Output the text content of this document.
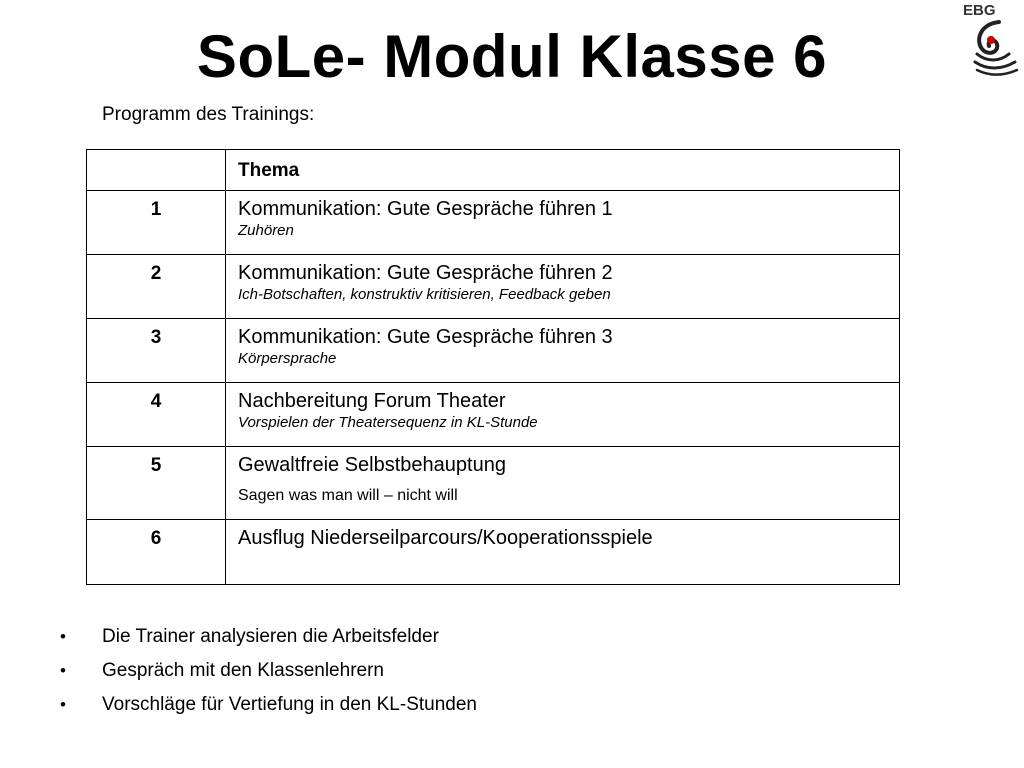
SoLe- Modul Klasse 6
EBG
Programm des Trainings:
	Thema
1	Kommunikation: Gute Gespräche führen 1
Zuhören

2	Kommunikation: Gute Gespräche führen 2
Ich-Botschaften, konstruktiv kritisieren, Feedback geben

3	Kommunikation: Gute Gespräche führen 3
Körpersprache

4	Nachbereitung Forum Theater
Vorspielen der Theatersequenz in KL-Stunde

5	Gewaltfreie Selbstbehauptung
Sagen was man will – nicht will

6	Ausflug Niederseilparcours/Kooperationsspiele
• Die Trainer analysieren die Arbeitsfelder
• Gespräch mit den Klassenlehrern
• Vorschläge für Vertiefung in den KL-Stunden
